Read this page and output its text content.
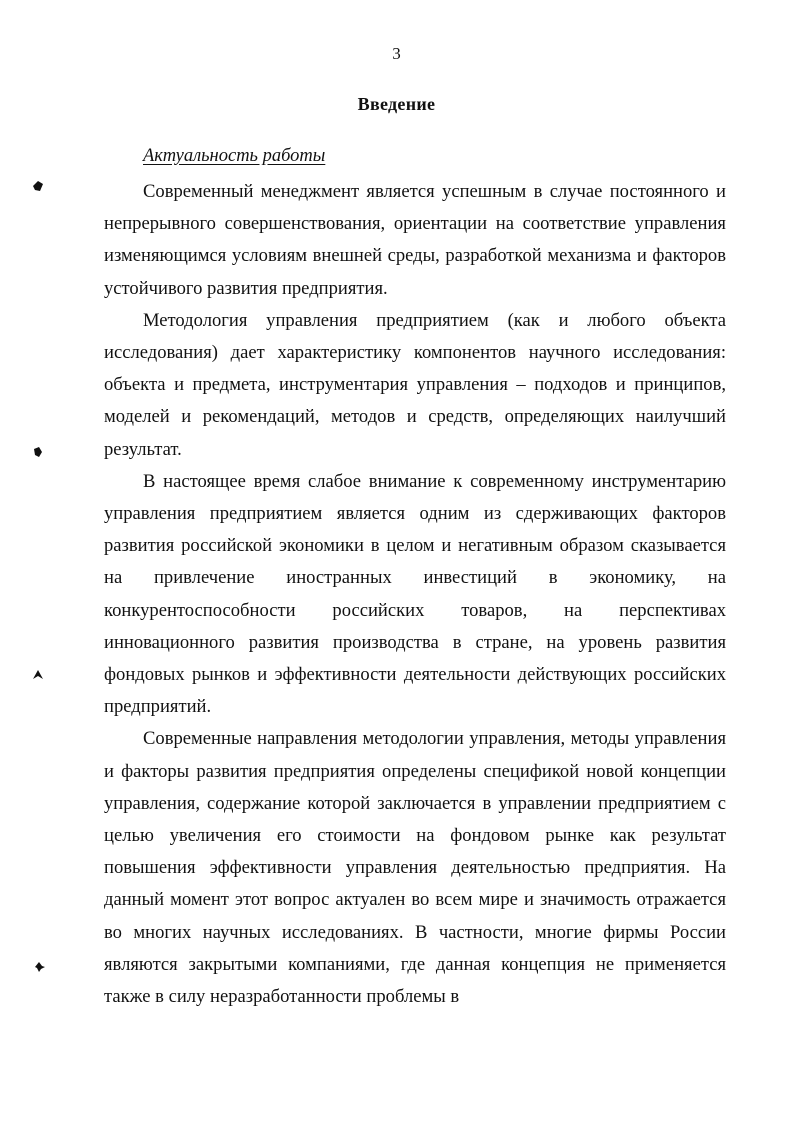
3
Введение
Актуальность работы

Современный менеджмент является успешным в случае постоянного и непрерывного совершенствования, ориентации на соответствие управления изменяющимся условиям внешней среды, разработкой механизма и факторов устойчивого развития предприятия.

Методология управления предприятием (как и любого объекта исследования) дает характеристику компонентов научного исследования: объекта и предмета, инструментария управления – подходов и принципов, моделей и рекомендаций, методов и средств, определяющих наилучший результат.

В настоящее время слабое внимание к современному инструментарию управления предприятием является одним из сдерживающих факторов развития российской экономики в целом и негативным образом сказывается на привлечение иностранных инвестиций в экономику, на конкурентоспособности российских товаров, на перспективах инновационного развития производства в стране, на уровень развития фондовых рынков и эффективности деятельности действующих российских предприятий.

Современные направления методологии управления, методы управления и факторы развития предприятия определены спецификой новой концепции управления, содержание которой заключается в управлении предприятием с целью увеличения его стоимости на фондовом рынке как результат повышения эффективности управления деятельностью предприятия. На данный момент этот вопрос актуален во всем мире и значимость отражается во многих научных исследованиях. В частности, многие фирмы России являются закрытыми компаниями, где данная концепция не применяется также в силу неразработанности проблемы в
